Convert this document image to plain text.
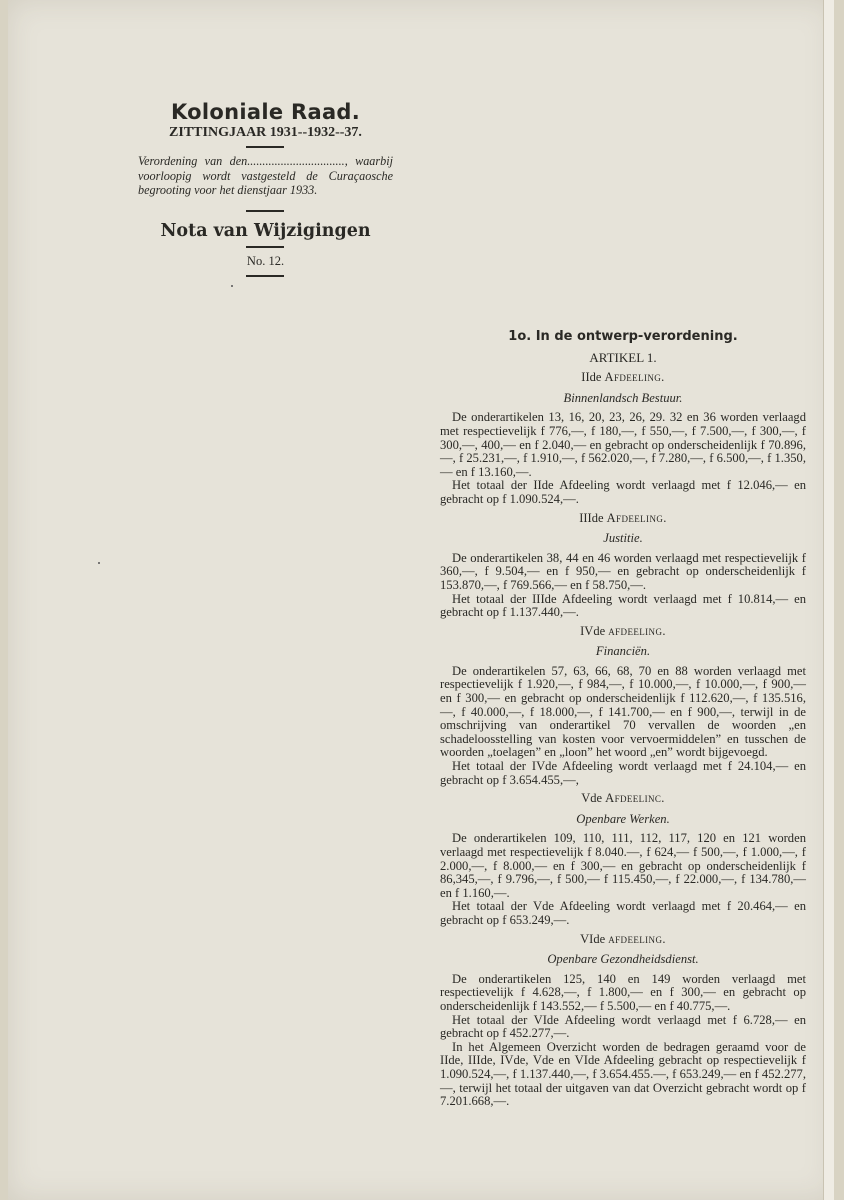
Koloniale Raad.
ZITTINGJAAR 1931--1932--37.
Verordening van den................................, waarbij voorloopig wordt vastgesteld de Curaçaosche begrooting voor het dienstjaar 1933.
Nota van Wijzigingen
No. 12.
1o. In de ontwerp-verordening.
ARTIKEL 1.
IIde Afdeeling.
Binnenlandsch Bestuur.

De onderartikelen 13, 16, 20, 23, 26, 29. 32 en 36 worden verlaagd met respectievelijk f 776,—, f 180,—, f 550,—, f 7.500,—, f 300,—, f 300,—, 400,— en f 2.040,— en gebracht op onderscheidenlijk f 70.896,—, f 25.231,—, f 1.910,—, f 562.020,—, f 7.280,—, f 6.500,—, f 1.350,— en f 13.160,—.

Het totaal der IIde Afdeeling wordt verlaagd met f 12.046,— en gebracht op f 1.090.524,—.

IIIde Afdeeling.
Justitie.

De onderartikelen 38, 44 en 46 worden verlaagd met respectievelijk f 360,—, f 9.504,— en f 950,— en gebracht op onderscheidenlijk f 153.870,—, f 769.566,— en f 58.750,—.

Het totaal der IIIde Afdeeling wordt verlaagd met f 10.814,— en gebracht op f 1.137.440,—.

IVde afdeeling.
Financiën.

De onderartikelen 57, 63, 66, 68, 70 en 88 worden verlaagd met respectievelijk f 1.920,—, f 984,—, f 10.000,—, f 10.000,—, f 900,— en f 300,— en gebracht op onderscheidenlijk f 112.620,—, f 135.516,—, f 40.000,—, f 18.000,—, f 141.700,— en f 900,—, terwijl in de omschrijving van onderartikel 70 vervallen de woorden „en schadeloosstelling van kosten voor vervoermiddelen” en tusschen de woorden „toelagen” en „loon” het woord „en” wordt bijgevoegd.

Het totaal der IVde Afdeeling wordt verlaagd met f 24.104,— en gebracht op f 3.654.455,—,

Vde Afdeelinc.
Openbare Werken.

De onderartikelen 109, 110, 111, 112, 117, 120 en 121 worden verlaagd met respectievelijk f 8.040.—, f 624,— f 500,—, f 1.000,—, f 2.000,—, f 8.000,— en f 300,— en gebracht op onderscheidenlijk f 86,345,—, f 9.796,—, f 500,— f 115.450,—, f 22.000,—, f 134.780,— en f 1.160,—.

Het totaal der Vde Afdeeling wordt verlaagd met f 20.464,— en gebracht op f 653.249,—.

VIde afdeeling.
Openbare Gezondheidsdienst.

De onderartikelen 125, 140 en 149 worden verlaagd met respectievelijk f 4.628,—, f 1.800,— en f 300,— en gebracht op onderscheidenlijk f 143.552,— f 5.500,— en f 40.775,—.

Het totaal der VIde Afdeeling wordt verlaagd met f 6.728,— en gebracht op f 452.277,—.

In het Algemeen Overzicht worden de bedragen geraamd voor de IIde, IIIde, IVde, Vde en VIde Afdeeling gebracht op respectievelijk f 1.090.524,—, f 1.137.440,—, f 3.654.455.—, f 653.249,— en f 452.277,—, terwijl het totaal der uitgaven van dat Overzicht gebracht wordt op f 7.201.668,—.
